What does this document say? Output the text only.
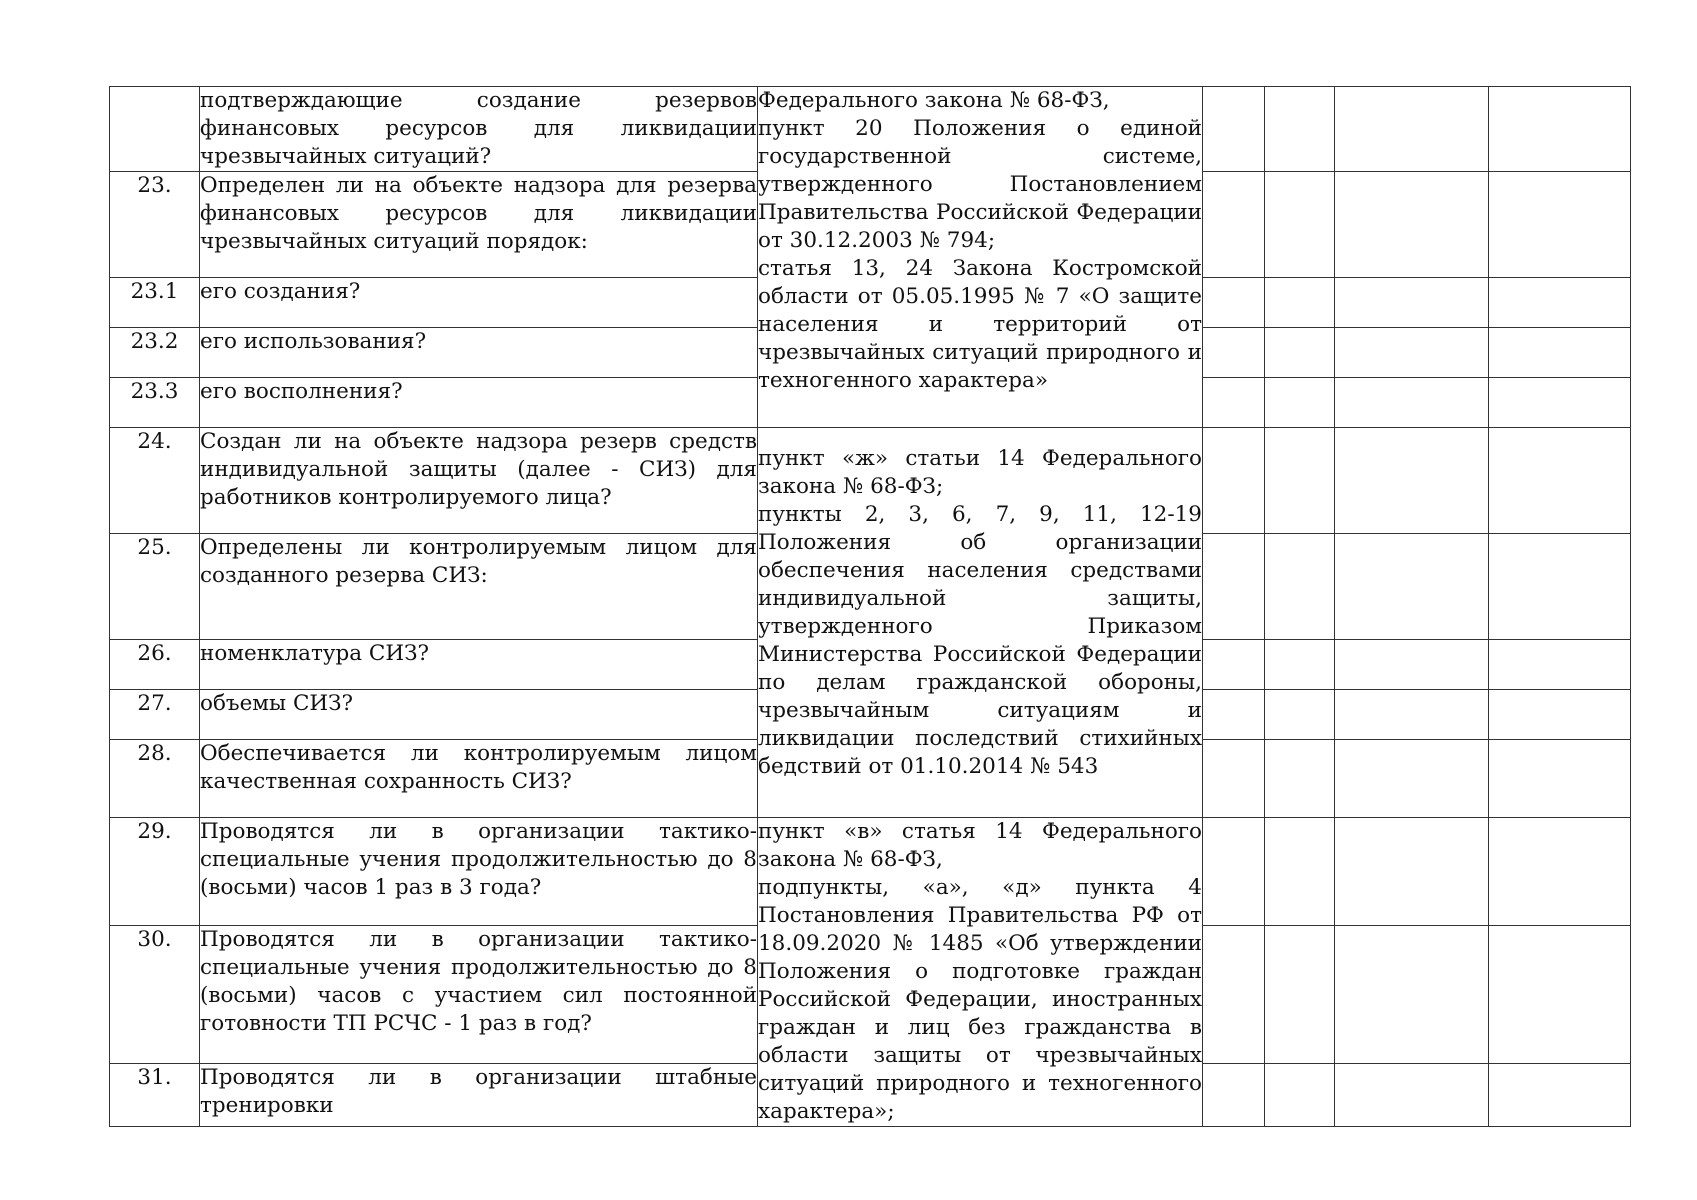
	подтверждающие создание резервов финансовых ресурсов для ликвидации чрезвычайных ситуаций?	Федерального закона № 68-ФЗ,
пункт 20 Положения о единой государственной системе, утвержденного Постановлением Правительства Российской Федерации от 30.12.2003 № 794;
статья 13, 24 Закона Костромской области от 05.05.1995 № 7 «О защите населения и территорий от чрезвычайных ситуаций природного и техногенного характера»				

23.	Определен ли на объекте надзора для резерва финансовых ресурсов для ликвидации чрезвычайных ситуаций порядок:					
23.1	его создания?					
23.2	его использования?					
23.3	его восполнения?					
24.	Создан ли на объекте надзора резерв средств индивидуальной защиты (далее - СИЗ) для работников контролируемого лица?	пункт «ж» статьи 14 Федерального закона № 68-ФЗ;
пункты 2, 3, 6, 7, 9, 11, 12-19 Положения об организации обеспечения населения средствами индивидуальной защиты, утвержденного Приказом Министерства Российской Федерации по делам гражданской обороны, чрезвычайным ситуациям и ликвидации последствий стихийных бедствий от 01.10.2014 № 543				

25.	Определены ли контролируемым лицом для созданного резерва СИЗ:					
26.	номенклатура СИЗ?					
27.	объемы СИЗ?					
28.	Обеспечивается ли контролируемым лицом качественная сохранность СИЗ?					
29.	Проводятся ли в организации тактико-специальные учения продолжительностью до 8 (восьми) часов 1 раз в 3 года?	пункт «в» статья 14 Федерального закона № 68-ФЗ,
подпункты, «а», «д» пункта 4 Постановления Правительства РФ от 18.09.2020 № 1485 «Об утверждении Положения о подготовке граждан Российской Федерации, иностранных граждан и лиц без гражданства в области защиты от чрезвычайных ситуаций природного и техногенного характера»;				

30.	Проводятся ли в организации тактико-специальные учения продолжительностью до 8 (восьми) часов с участием сил постоянной готовности ТП РСЧС - 1 раз в год?					
31.	Проводятся ли в организации штабные тренировки					
